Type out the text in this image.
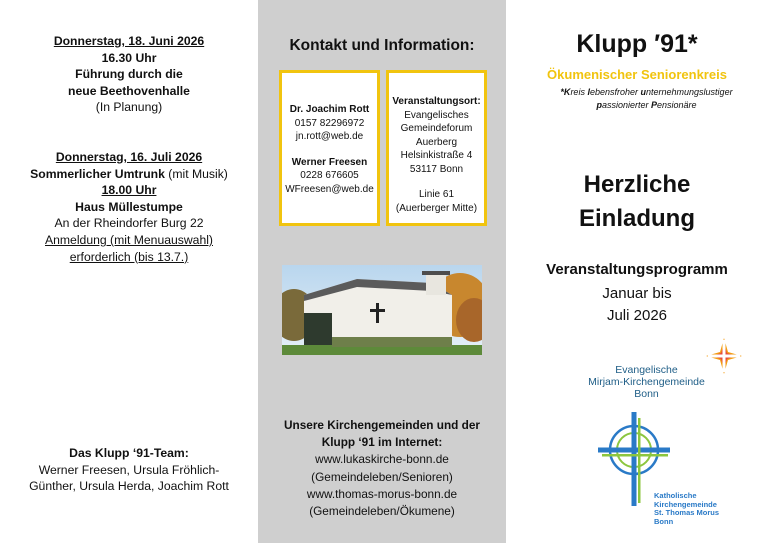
Donnerstag, 18. Juni 2026

16.30 Uhr

Führung durch die

neue Beethovenhalle

(In Planung)

Donnerstag, 16. Juli 2026

Sommerlicher Umtrunk (mit Musik)

18.00 Uhr

Haus Müllestumpe

An der Rheindorfer Burg 22

Anmeldung (mit Menuauswahl)

erforderlich (bis 13.7.)

Das Klupp ‘91-Team:

Werner Freesen, Ursula Fröhlich-

Günther, Ursula Herda, Joachim Rott

Kontakt und Information:
Dr. Joachim Rott
0157 82296972
jn.rott@web.de
Werner Freesen
0228 676605
WFreesen@web.de
Veranstaltungsort:
Evangelisches
Gemeindeforum
Auerberg
Helsinkistraße 4
53117 Bonn
Linie 61
(Auerberger Mitte)

Unsere Kirchengemeinden und der

Klupp ‘91 im Internet:

www.lukaskirche-bonn.de

(Gemeindeleben/Senioren)

www.thomas-morus-bonn.de

(Gemeindeleben/Ökumene)

Klupp ′91*
Ökumenischer Seniorenkreis
*Kreis lebensfroher unternehmungslustiger
passionierter Pensionäre
Herzliche
Einladung
Veranstaltungsprogramm
Januar bis
Juli 2026
Evangelische
Mirjam-Kirchengemeinde
Bonn
Katholische
Kirchengemeinde
St. Thomas Morus
Bonn
